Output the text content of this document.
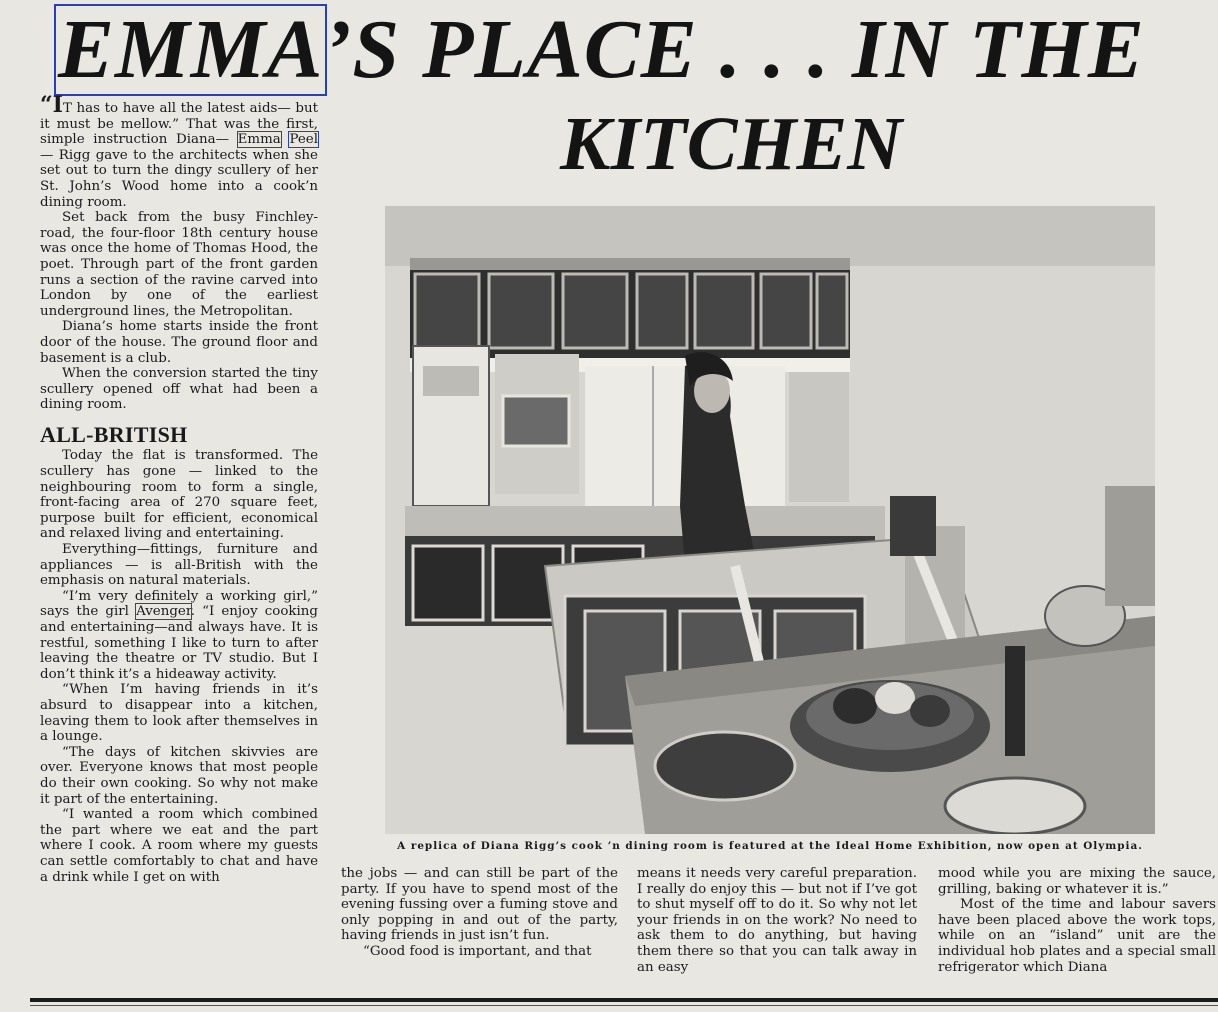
EMMA’S PLACE . . . IN THE
KITCHEN

“IT has to have all the latest aids— but it must be mellow.” That was the first, simple instruction Diana— Emma Peel — Rigg gave to the architects when she set out to turn the dingy scullery of her St. John’s Wood home into a cook’n dining room.

Set back from the busy Finchley-road, the four-floor 18th century house was once the home of Thomas Hood, the poet. Through part of the front garden runs a section of the ravine carved into London by one of the earliest underground lines, the Metropolitan.

Diana’s home starts inside the front door of the house. The ground floor and basement is a club.

When the conversion started the tiny scullery opened off what had been a dining room.

ALL-BRITISH

Today the flat is transformed. The scullery has gone — linked to the neighbouring room to form a single, front-facing area of 270 square feet, purpose built for efficient, economical and relaxed living and entertaining.

Everything—fittings, furniture and appliances — is all-British with the emphasis on natural materials.

“I’m very definitely a working girl,” says the girl Avenger. “I enjoy cooking and entertaining—and always have. It is restful, something I like to turn to after leaving the theatre or TV studio. But I don’t think it’s a hideaway activity.

“When I’m having friends in it’s absurd to disappear into a kitchen, leaving them to look after themselves in a lounge.

“The days of kitchen skivvies are over. Everyone knows that most people do their own cooking. So why not make it part of the entertaining.

“I wanted a room which combined the part where we eat and the part where I cook. A room where my guests can settle comfortably to chat and have a drink while I get on with

A replica of Diana Rigg’s cook ’n dining room is featured at the Ideal Home Exhibition, now open at Olympia.

the jobs — and can still be part of the party. If you have to spend most of the evening fussing over a fuming stove and only popping in and out of the party, having friends in just isn’t fun.

“Good food is important, and that

means it needs very careful preparation. I really do enjoy this — but not if I’ve got to shut myself off to do it. So why not let your friends in on the work? No need to ask them to do anything, but having them there so that you can talk away in an easy

mood while you are mixing the sauce, grilling, baking or whatever it is.”

Most of the time and labour savers have been placed above the work tops, while on an “island” unit are the individual hob plates and a special small refrigerator which Diana
